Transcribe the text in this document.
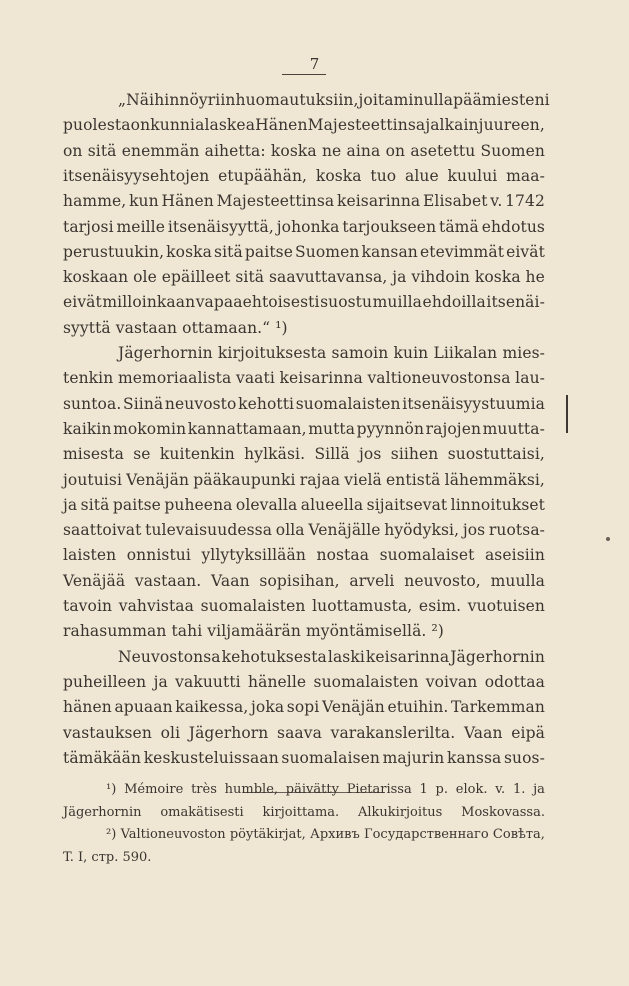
7
„Näihin nöyriin huomautuksiin, joita minulla päämiesteni
puolesta on kunnia laskea Hänen Majesteettinsa jalkain juureen,
on sitä enemmän aihetta: koska ne aina on asetettu Suomen
itsenäisyysehtojen etupäähän, koska tuo alue kuului maa-
hamme, kun Hänen Majesteettinsa keisarinna Elisabet v. 1742
tarjosi meille itsenäisyyttä, johonka tarjoukseen tämä ehdotus
perustuukin, koska sitä paitse Suomen kansan etevimmät eivät
koskaan ole epäilleet sitä saavuttavansa, ja vihdoin koska he
eivät milloinkaan vapaaehtoisesti suostu muilla ehdoilla itsenäi-
syyttä vastaan ottamaan.“ ¹)
Jägerhornin kirjoituksesta samoin kuin Liikalan mies-
tenkin memoriaalista vaati keisarinna valtioneuvostonsa lau-
suntoa. Siinä neuvosto kehotti suomalaisten itsenäisyystuumia
kaikin mokomin kannattamaan, mutta pyynnön rajojen muutta-
misesta se kuitenkin hylkäsi. Sillä jos siihen suostuttaisi,
joutuisi Venäjän pääkaupunki rajaa vielä entistä lähemmäksi,
ja sitä paitse puheena olevalla alueella sijaitsevat linnoitukset
saattoivat tulevaisuudessa olla Venäjälle hyödyksi, jos ruotsa-
laisten onnistui yllytyksillään nostaa suomalaiset aseisiin
Venäjää vastaan. Vaan sopisihan, arveli neuvosto, muulla
tavoin vahvistaa suomalaisten luottamusta, esim. vuotuisen
rahasumman tahi viljamäärän myöntämisellä. ²)
Neuvostonsa kehotuksesta laski keisarinna Jägerhornin
puheilleen ja vakuutti hänelle suomalaisten voivan odottaa
hänen apuaan kaikessa, joka sopi Venäjän etuihin. Tarkemman
vastauksen oli Jägerhorn saava varakanslerilta. Vaan eipä
tämäkään keskusteluissaan suomalaisen majurin kanssa suos-
¹) Mémoire très humble, päivätty Pietarissa 1 p. elok. v. 1. ja
Jägerhornin omakätisesti kirjoittama. Alkukirjoitus Moskovassa.
²) Valtioneuvoston pöytäkirjat, Архивъ Государственнаго Совѣта,
T. I, стр. 590.
